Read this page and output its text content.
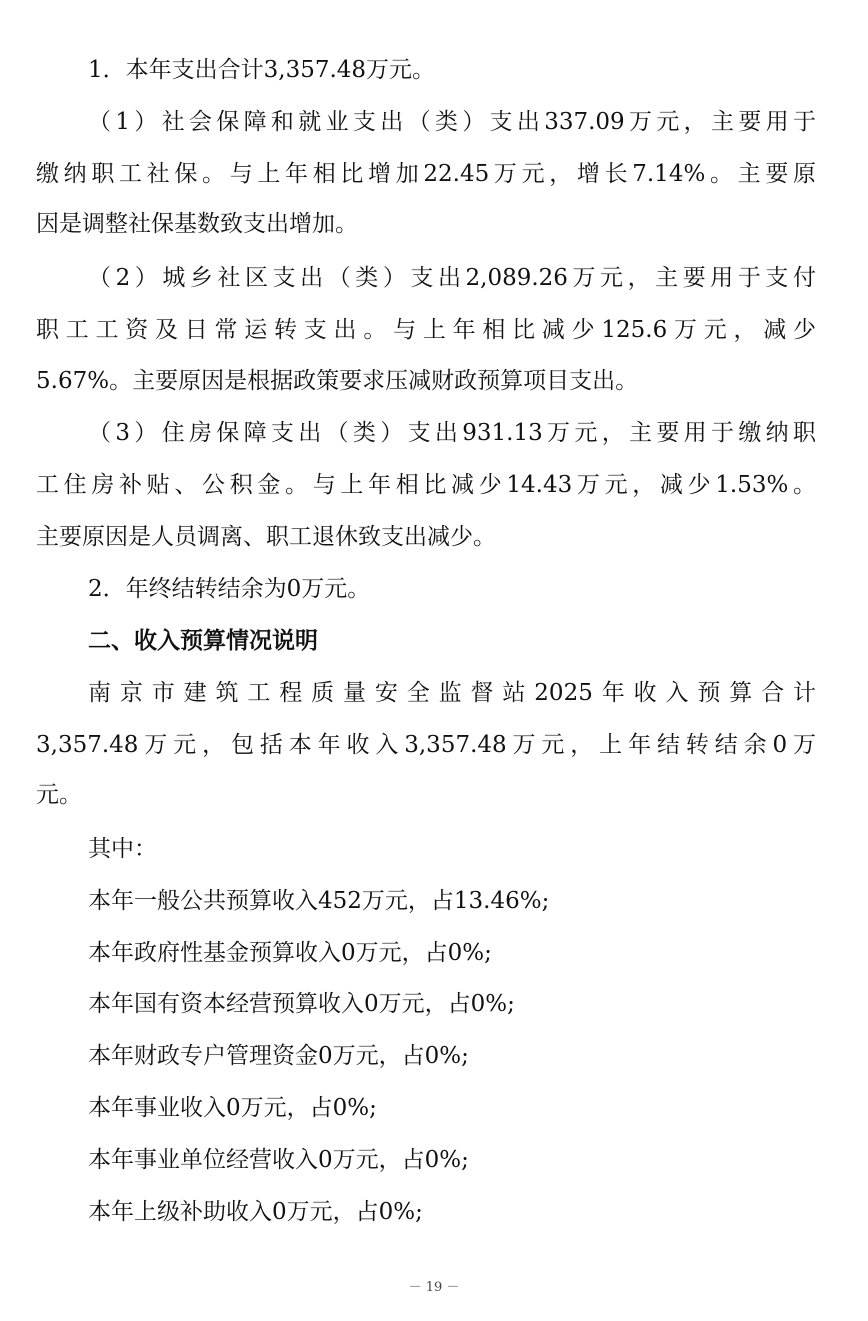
1．本年支出合计3,357.48万元。
（1）社会保障和就业支出（类）支出337.09万元，主要用于
缴纳职工社保。与上年相比增加22.45万元，增长7.14%。主要原
因是调整社保基数致支出增加。
（2）城乡社区支出（类）支出2,089.26万元，主要用于支付
职工工资及日常运转支出。与上年相比减少125.6万元，减少
5.67%。主要原因是根据政策要求压减财政预算项目支出。
（3）住房保障支出（类）支出931.13万元，主要用于缴纳职
工住房补贴、公积金。与上年相比减少14.43万元，减少1.53%。
主要原因是人员调离、职工退休致支出减少。
2．年终结转结余为0万元。
二、收入预算情况说明
南京市建筑工程质量安全监督站2025年收入预算合计
3,357.48万元，包括本年收入3,357.48万元，上年结转结余0万
元。
其中：
本年一般公共预算收入452万元，占13.46%;
本年政府性基金预算收入0万元，占0%;
本年国有资本经营预算收入0万元，占0%;
本年财政专户管理资金0万元，占0%;
本年事业收入0万元，占0%;
本年事业单位经营收入0万元，占0%;
本年上级补助收入0万元，占0%;
－ 19 －
